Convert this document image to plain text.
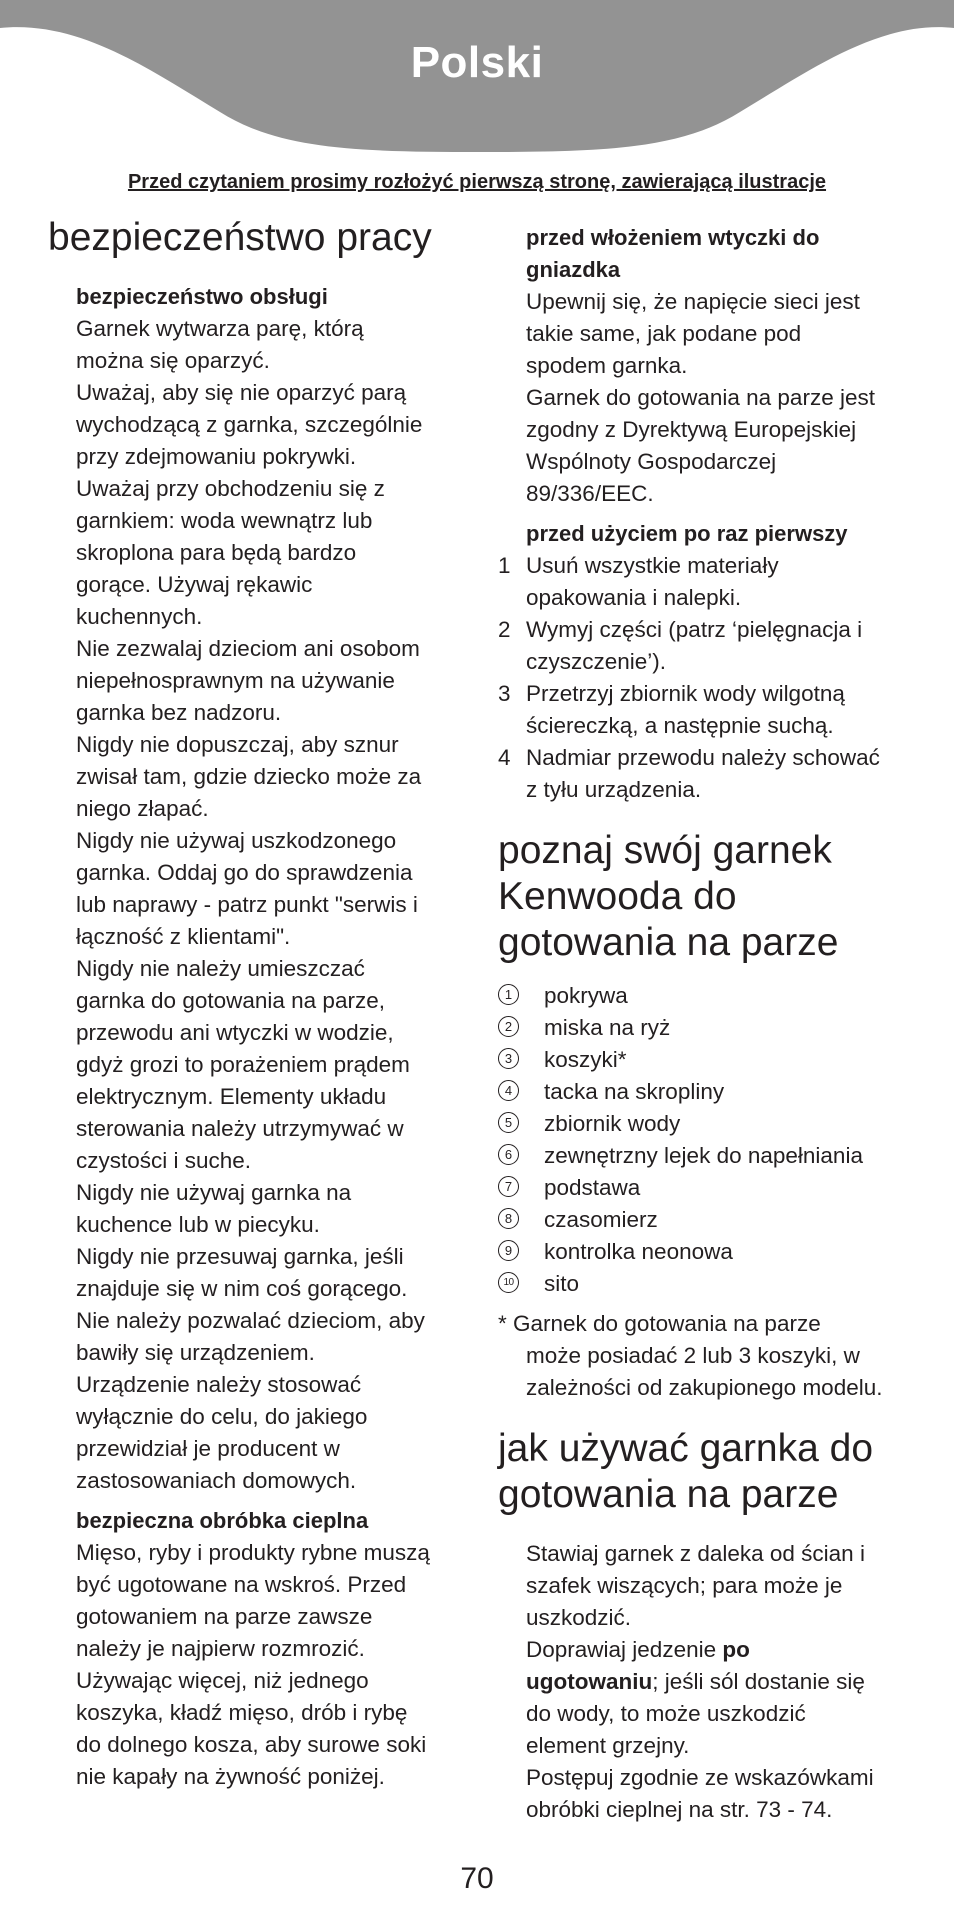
Polski
Przed czytaniem prosimy rozłożyć pierwszą stronę, zawierającą ilustracje
bezpieczeństwo pracy

bezpieczeństwo obsługi

Garnek wytwarza parę, którą

można się oparzyć.

Uważaj, aby się nie oparzyć parą

wychodzącą z garnka, szczególnie

przy zdejmowaniu pokrywki.

Uważaj przy obchodzeniu się z

garnkiem: woda wewnątrz lub

skroplona para będą bardzo

gorące. Używaj rękawic

kuchennych.

Nie zezwalaj dzieciom ani osobom

niepełnosprawnym na używanie

garnka bez nadzoru.

Nigdy nie dopuszczaj, aby sznur

zwisał tam, gdzie dziecko może za

niego złapać.

Nigdy nie używaj uszkodzonego

garnka. Oddaj go do sprawdzenia

lub naprawy - patrz punkt "serwis i

łączność z klientami".

Nigdy nie należy umieszczać

garnka do gotowania na parze,

przewodu ani wtyczki w wodzie,

gdyż grozi to porażeniem prądem

elektrycznym. Elementy układu

sterowania należy utrzymywać w

czystości i suche.

Nigdy nie używaj garnka na

kuchence lub w piecyku.

Nigdy nie przesuwaj garnka, jeśli

znajduje się w nim coś gorącego.

Nie należy pozwalać dzieciom, aby

bawiły się urządzeniem.

Urządzenie należy stosować

wyłącznie do celu, do jakiego

przewidział je producent w

zastosowaniach domowych.

bezpieczna obróbka cieplna

Mięso, ryby i produkty rybne muszą

być ugotowane na wskroś. Przed

gotowaniem na parze zawsze

należy je najpierw rozmrozić.

Używając więcej, niż jednego

koszyka, kładź mięso, drób i rybę

do dolnego kosza, aby surowe soki

nie kapały na żywność poniżej.

przed włożeniem wtyczki do
gniazdka

Upewnij się, że napięcie sieci jest

takie same, jak podane pod

spodem garnka.

Garnek do gotowania na parze jest

zgodny z Dyrektywą Europejskiej

Wspólnoty Gospodarczej

89/336/EEC.

przed użyciem po raz pierwszy

1 Usuń wszystkie materiały
opakowania i nalepki.
2 Wymyj części (patrz ‘pielęgnacja i
czyszczenie’).
3 Przetrzyj zbiornik wody wilgotną
ściereczką, a następnie suchą.
4 Nadmiar przewodu należy schować
z tyłu urządzenia.
poznaj swój garnek
Kenwooda do
gotowania na parze
1	pokrywa
2	miska na ryż
3	koszyki*
4	tacka na skropliny
5	zbiornik wody
6	zewnętrzny lejek do napełniania
7	podstawa
8	czasomierz
9	kontrolka neonowa
10 sito

* Garnek do gotowania na parze
może posiadać 2 lub 3 koszyki, w
zależności od zakupionego modelu.

jak używać garnka do
gotowania na parze

Stawiaj garnek z daleka od ścian i

szafek wiszących; para może je

uszkodzić.

Doprawiaj jedzenie po

ugotowaniu; jeśli sól dostanie się

do wody, to może uszkodzić

element grzejny.

Postępuj zgodnie ze wskazówkami

obróbki cieplnej na str. 73 - 74.

70
